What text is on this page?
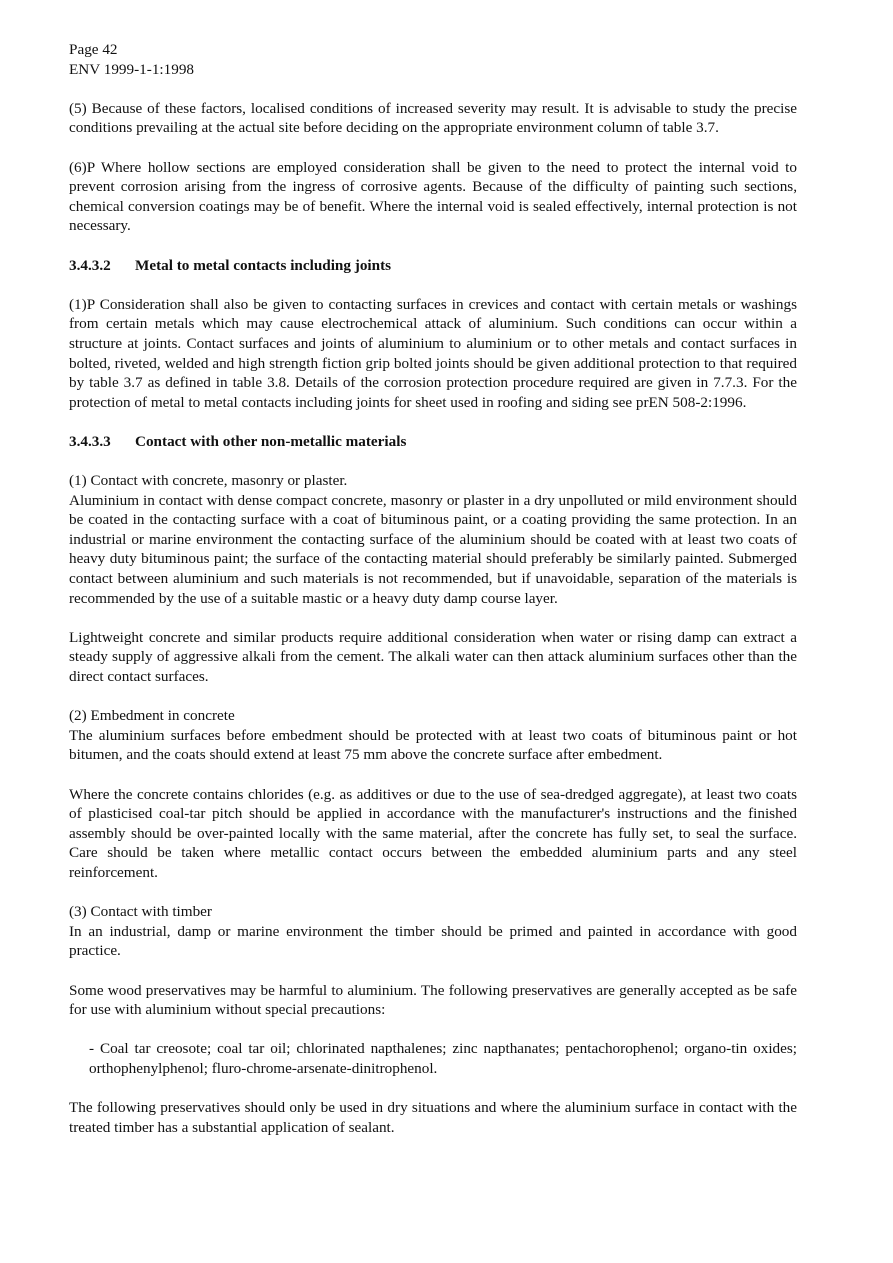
Page 42
ENV 1999-1-1:1998

(5) Because of these factors, localised conditions of increased severity may result. It is advisable to study the precise conditions prevailing at the actual site before deciding on the appropriate environment column of table 3.7.

(6)P Where hollow sections are employed consideration shall be given to the need to protect the internal void to prevent corrosion arising from the ingress of corrosive agents. Because of the difficulty of painting such sections, chemical conversion coatings may be of benefit. Where the internal void is sealed effectively, internal protection is not necessary.

3.4.3.2 Metal to metal contacts including joints

(1)P Consideration shall also be given to contacting surfaces in crevices and contact with certain metals or washings from certain metals which may cause electrochemical attack of aluminium. Such conditions can occur within a structure at joints. Contact surfaces and joints of aluminium to aluminium or to other metals and contact surfaces in bolted, riveted, welded and high strength fiction grip bolted joints should be given additional protection to that required by table 3.7 as defined in table 3.8. Details of the corrosion protection procedure required are given in 7.7.3. For the protection of metal to metal contacts including joints for sheet used in roofing and siding see prEN 508-2:1996.

3.4.3.3 Contact with other non-metallic materials

(1) Contact with concrete, masonry or plaster.

Aluminium in contact with dense compact concrete, masonry or plaster in a dry unpolluted or mild environment should be coated in the contacting surface with a coat of bituminous paint, or a coating providing the same protection. In an industrial or marine environment the contacting surface of the aluminium should be coated with at least two coats of heavy duty bituminous paint; the surface of the contacting material should preferably be similarly painted. Submerged contact between aluminium and such materials is not recommended, but if unavoidable, separation of the materials is recommended by the use of a suitable mastic or a heavy duty damp course layer.

Lightweight concrete and similar products require additional consideration when water or rising damp can extract a steady supply of aggressive alkali from the cement. The alkali water can then attack aluminium surfaces other than the direct contact surfaces.

(2) Embedment in concrete

The aluminium surfaces before embedment should be protected with at least two coats of bituminous paint or hot bitumen, and the coats should extend at least 75 mm above the concrete surface after embedment.

Where the concrete contains chlorides (e.g. as additives or due to the use of sea-dredged aggregate), at least two coats of plasticised coal-tar pitch should be applied in accordance with the manufacturer's instructions and the finished assembly should be over-painted locally with the same material, after the concrete has fully set, to seal the surface. Care should be taken where metallic contact occurs between the embedded aluminium parts and any steel reinforcement.

(3) Contact with timber

In an industrial, damp or marine environment the timber should be primed and painted in accordance with good practice.

Some wood preservatives may be harmful to aluminium. The following preservatives are generally accepted as be safe for use with aluminium without special precautions:

- Coal tar creosote; coal tar oil; chlorinated napthalenes; zinc napthanates; pentachorophenol; organo-tin oxides; orthophenylphenol; fluro-chrome-arsenate-dinitrophenol.

The following preservatives should only be used in dry situations and where the aluminium surface in contact with the treated timber has a substantial application of sealant.
